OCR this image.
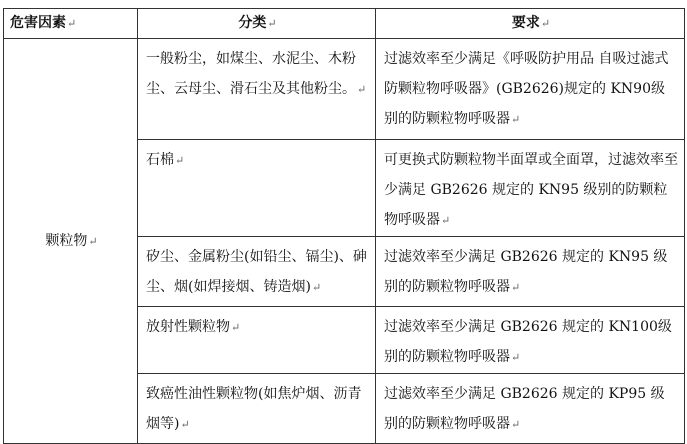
危害因素↵	分类↵	要求↵
颗粒物↵	一般粉尘，如煤尘、水泥尘、木粉尘、云母尘、滑石尘及其他粉尘。↵	过滤效率至少满足《呼吸防护用品 自吸过滤式防颗粒物呼吸器》(GB2626)规定的 KN90级别的防颗粒物呼吸器↵

	石棉↵	可更换式防颗粒物半面罩或全面罩，过滤效率至少满足 GB2626 规定的 KN95 级别的防颗粒物呼吸器↵

	矽尘、金属粉尘(如铅尘、镉尘)、砷尘、烟(如焊接烟、铸造烟)↵	过滤效率至少满足 GB2626 规定的 KN95 级别的防颗粒物呼吸器↵

	放射性颗粒物↵	过滤效率至少满足 GB2626 规定的 KN100级别的防颗粒物呼吸器↵

	致癌性油性颗粒物(如焦炉烟、沥青烟等)↵	过滤效率至少满足 GB2626 规定的 KP95 级别的防颗粒物呼吸器↵
